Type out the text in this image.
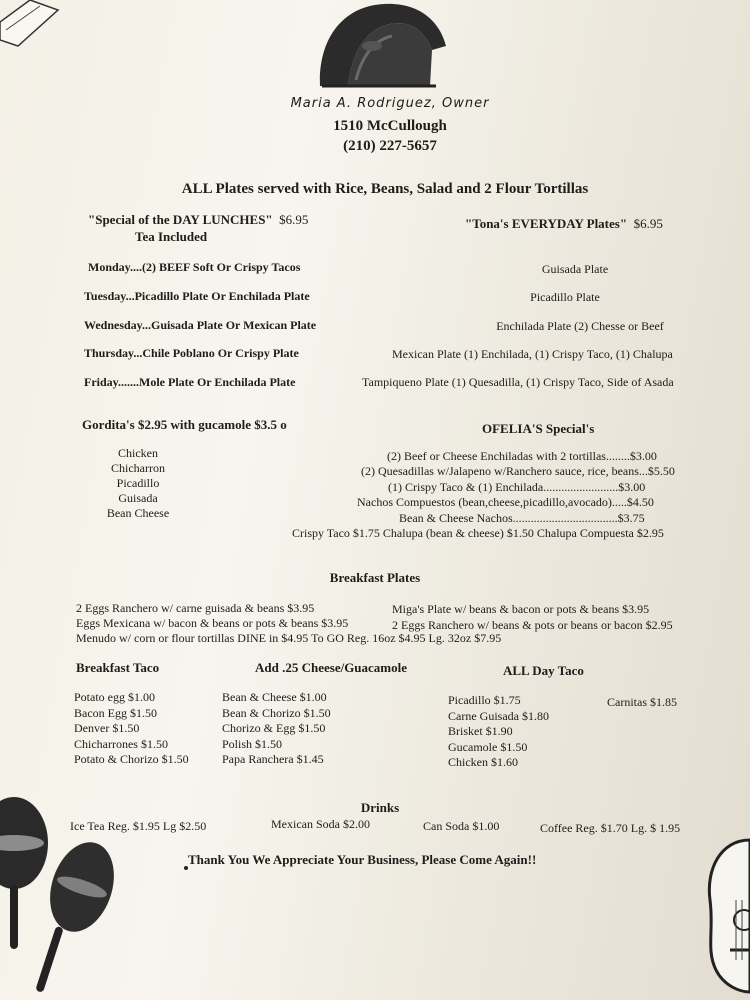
Maria A. Rodriguez, Owner
1510 McCullough
(210) 227-5657
ALL Plates served with Rice, Beans, Salad and 2 Flour Tortillas
"Special of the DAY LUNCHES" $6.95
Tea Included
Monday....(2) BEEF Soft Or Crispy Tacos
Tuesday...Picadillo Plate Or Enchilada Plate
Wednesday...Guisada Plate Or Mexican Plate
Thursday...Chile Poblano Or Crispy Plate
Friday.......Mole Plate Or Enchilada Plate
"Tona's EVERYDAY Plates" $6.95
Guisada Plate
Picadillo Plate
Enchilada Plate (2) Chesse or Beef
Mexican Plate (1) Enchilada, (1) Crispy Taco, (1) Chalupa
Tampiqueno Plate (1) Quesadilla, (1) Crispy Taco, Side of Asada
Gordita's $2.95 with gucamole $3.5 o
Chicken
Chicharron
Picadillo
Guisada
Bean Cheese
OFELIA'S Special's
(2) Beef or Cheese Enchiladas with 2 tortillas........$3.00
(2) Quesadillas w/Jalapeno w/Ranchero sauce, rice, beans...$5.50
(1) Crispy Taco & (1) Enchilada.........................$3.00
Nachos Compuestos (bean,cheese,picadillo,avocado).....$4.50
Bean & Cheese Nachos...................................$3.75
Crispy Taco $1.75 Chalupa (bean & cheese) $1.50 Chalupa Compuesta $2.95
Breakfast Plates
2 Eggs Ranchero w/ carne guisada & beans $3.95
Eggs Mexicana w/ bacon & beans or pots & beans $3.95
Miga's Plate w/ beans & bacon or pots & beans $3.95
2 Eggs Ranchero w/ beans & pots or beans or bacon $2.95
Menudo w/ corn or flour tortillas DINE in $4.95 To GO Reg. 16oz $4.95 Lg. 32oz $7.95
Breakfast Taco	Add .25 Cheese/Guacamole	ALL Day Taco
Potato egg $1.00
Bacon Egg $1.50
Denver $1.50
Chicharrones $1.50
Potato & Chorizo $1.50
Bean & Cheese $1.00
Bean & Chorizo $1.50
Chorizo & Egg $1.50
Polish $1.50
Papa Ranchera $1.45
Picadillo $1.75
Carne Guisada $1.80
Brisket $1.90
Gucamole $1.50
Chicken $1.60
Carnitas $1.85
Drinks
Ice Tea Reg. $1.95 Lg $2.50	Mexican Soda $2.00	Can Soda $1.00	Coffee Reg. $1.70 Lg. $ 1.95
Thank You We Appreciate Your Business, Please Come Again!!
